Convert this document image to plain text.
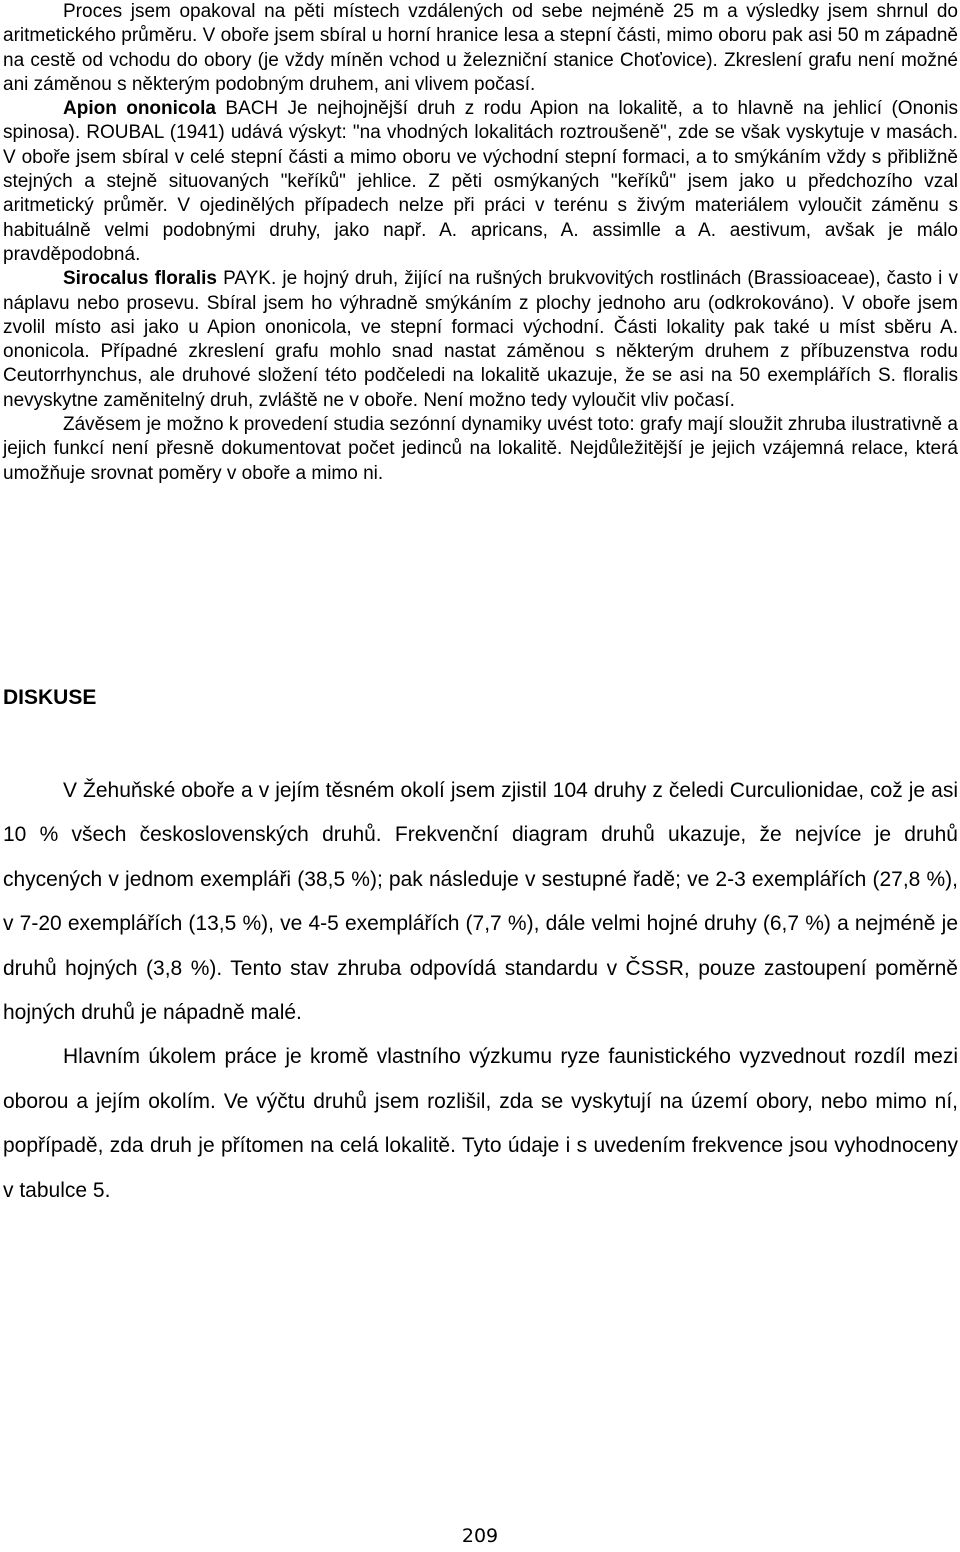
Proces jsem opakoval na pěti místech vzdálených od sebe nejméně 25 m a výsledky jsem shrnul do aritmetického průměru. V oboře jsem sbíral u horní hranice lesa a stepní části, mimo oboru pak asi 50 m západně na cestě od vchodu do obory (je vždy míněn vchod u železniční stanice Choťovice). Zkreslení grafu není možné ani záměnou s některým podobným druhem, ani vlivem počasí.

Apion ononicola BACH Je nejhojnější druh z rodu Apion na lokalitě, a to hlavně na jehlicí (Ononis spinosa). ROUBAL (1941) udává výskyt: "na vhodných lokalitách roztroušeně", zde se však vyskytuje v masách. V oboře jsem sbíral v celé stepní části a mimo oboru ve východní stepní formaci, a to smýkáním vždy s přibližně stejných a stejně situovaných "keříků" jehlice. Z pěti osmýkaných "keříků" jsem jako u předchozího vzal aritmetický průměr. V ojedinělých případech nelze při práci v terénu s živým materiálem vyloučit záměnu s habituálně velmi podobnými druhy, jako např. A. apricans, A. assimlle a A. aestivum, avšak je málo pravděpodobná.

Sirocalus floralis PAYK. je hojný druh, žijící na rušných brukvovitých rostlinách (Brassioaceae), často i v náplavu nebo prosevu. Sbíral jsem ho výhradně smýkáním z plochy jednoho aru (odkrokováno). V oboře jsem zvolil místo asi jako u Apion ononicola, ve stepní formaci východní. Části lokality pak také u míst sběru A. ononicola. Případné zkreslení grafu mohlo snad nastat záměnou s některým druhem z příbuzenstva rodu Ceutorrhynchus, ale druhové složení této podčeledi na lokalitě ukazuje, že se asi na 50 exemplářích S. floralis nevyskytne zaměnitelný druh, zvláště ne v oboře. Není možno tedy vyloučit vliv počasí.

Závěsem je možno k provedení studia sezónní dynamiky uvést toto: grafy mají sloužit zhruba ilustrativně a jejich funkcí není přesně dokumentovat počet jedinců na lokalitě. Nejdůležitější je jejich vzájemná relace, která umožňuje srovnat poměry v oboře a mimo ni.

DISKUSE

V Žehuňské oboře a v jejím těsném okolí jsem zjistil 104 druhy z čeledi Curculionidae, což je asi 10 % všech československých druhů. Frekvenční diagram druhů ukazuje, že nejvíce je druhů chycených v jednom exempláři (38,5 %); pak následuje v sestupné řadě; ve 2-3 exemplářích (27,8 %), v 7-20 exemplářích (13,5 %), ve 4-5 exemplářích (7,7 %), dále velmi hojné druhy (6,7 %) a nejméně je druhů hojných (3,8 %). Tento stav zhruba odpovídá standardu v ČSSR, pouze zastoupení poměrně hojných druhů je nápadně malé.

Hlavním úkolem práce je kromě vlastního výzkumu ryze faunistického vyzvednout rozdíl mezi oborou a jejím okolím. Ve výčtu druhů jsem rozlišil, zda se vyskytují na území obory, nebo mimo ní, popřípadě, zda druh je přítomen na celá lokalitě. Tyto údaje i s uvedením frekvence jsou vyhodnoceny v tabulce 5.

209
